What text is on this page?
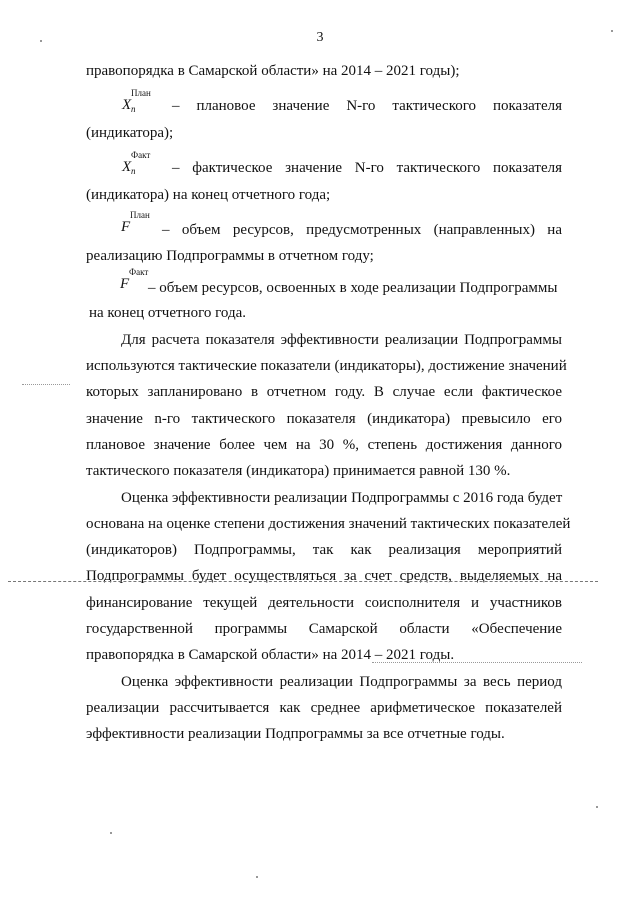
3
правопорядка в Самарской области» на 2014 – 2021 годы);
X
План
n – плановое значение N-го тактического показателя
(индикатора);
X
Факт
n – фактическое значение N-го тактического показателя
(индикатора) на конец отчетного года;
F
План
– объем ресурсов, предусмотренных (направленных) на
реализацию Подпрограммы в отчетном году;
F
Факт
– объем ресурсов, освоенных в ходе реализации Подпрограммы
на конец отчетного года.
Для расчета показателя эффективности реализации Подпрограммы
используются тактические показатели (индикаторы), достижение значений
которых запланировано в отчетном году. В случае если фактическое
значение n-го тактического показателя (индикатора) превысило его
плановое значение более чем на 30 %, степень достижения данного
тактического показателя (индикатора) принимается равной 130 %.
Оценка эффективности реализации Подпрограммы с 2016 года будет
основана на оценке степени достижения значений тактических показателей
(индикаторов) Подпрограммы, так как реализация мероприятий
Подпрограммы будет осуществляться за счет средств, выделяемых на
финансирование текущей деятельности соисполнителя и участников
государственной программы Самарской области «Обеспечение
правопорядка в Самарской области» на 2014 – 2021 годы.
Оценка эффективности реализации Подпрограммы за весь период
реализации рассчитывается как среднее арифметическое показателей
эффективности реализации Подпрограммы за все отчетные годы.
